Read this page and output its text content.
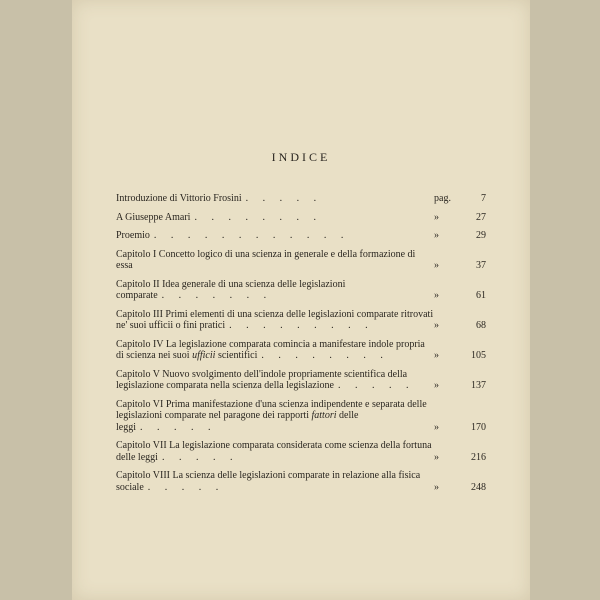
INDICE
Introduzione di Vittorio Frosini . . . . .	pag.	7
A Giuseppe Amari . . . . . . . .	»	27
Proemio . . . . . . . . . . . .	»	29
Capitolo I Concetto logico di una scienza in generale e della formazione di essa	»	37
Capitolo II Idea generale di una scienza delle legislazioni comparate . . . . . . .	»	61
Capitolo III Primi elementi di una scienza delle legislazioni comparate ritrovati ne' suoi ufficii o fini pratici . . . . . . . . .	»	68
Capitolo IV La legislazione comparata comincia a manifestare indole propria di scienza nei suoi ufficii scientifici . . . . . . . .	»	105
Capitolo V Nuovo svolgimento dell'indole propriamente scientifica della legislazione comparata nella scienza della legislazione . . . . .	»	137
Capitolo VI Prima manifestazione d'una scienza indipendente e separata delle legislazioni comparate nel paragone dei rapporti fattori delle leggi . . . . .	»	170
Capitolo VII La legislazione comparata considerata come scienza della fortuna delle leggi . . . . .	»	216
Capitolo VIII La scienza delle legislazioni comparate in relazione alla fisica sociale . . . . .	»	248
